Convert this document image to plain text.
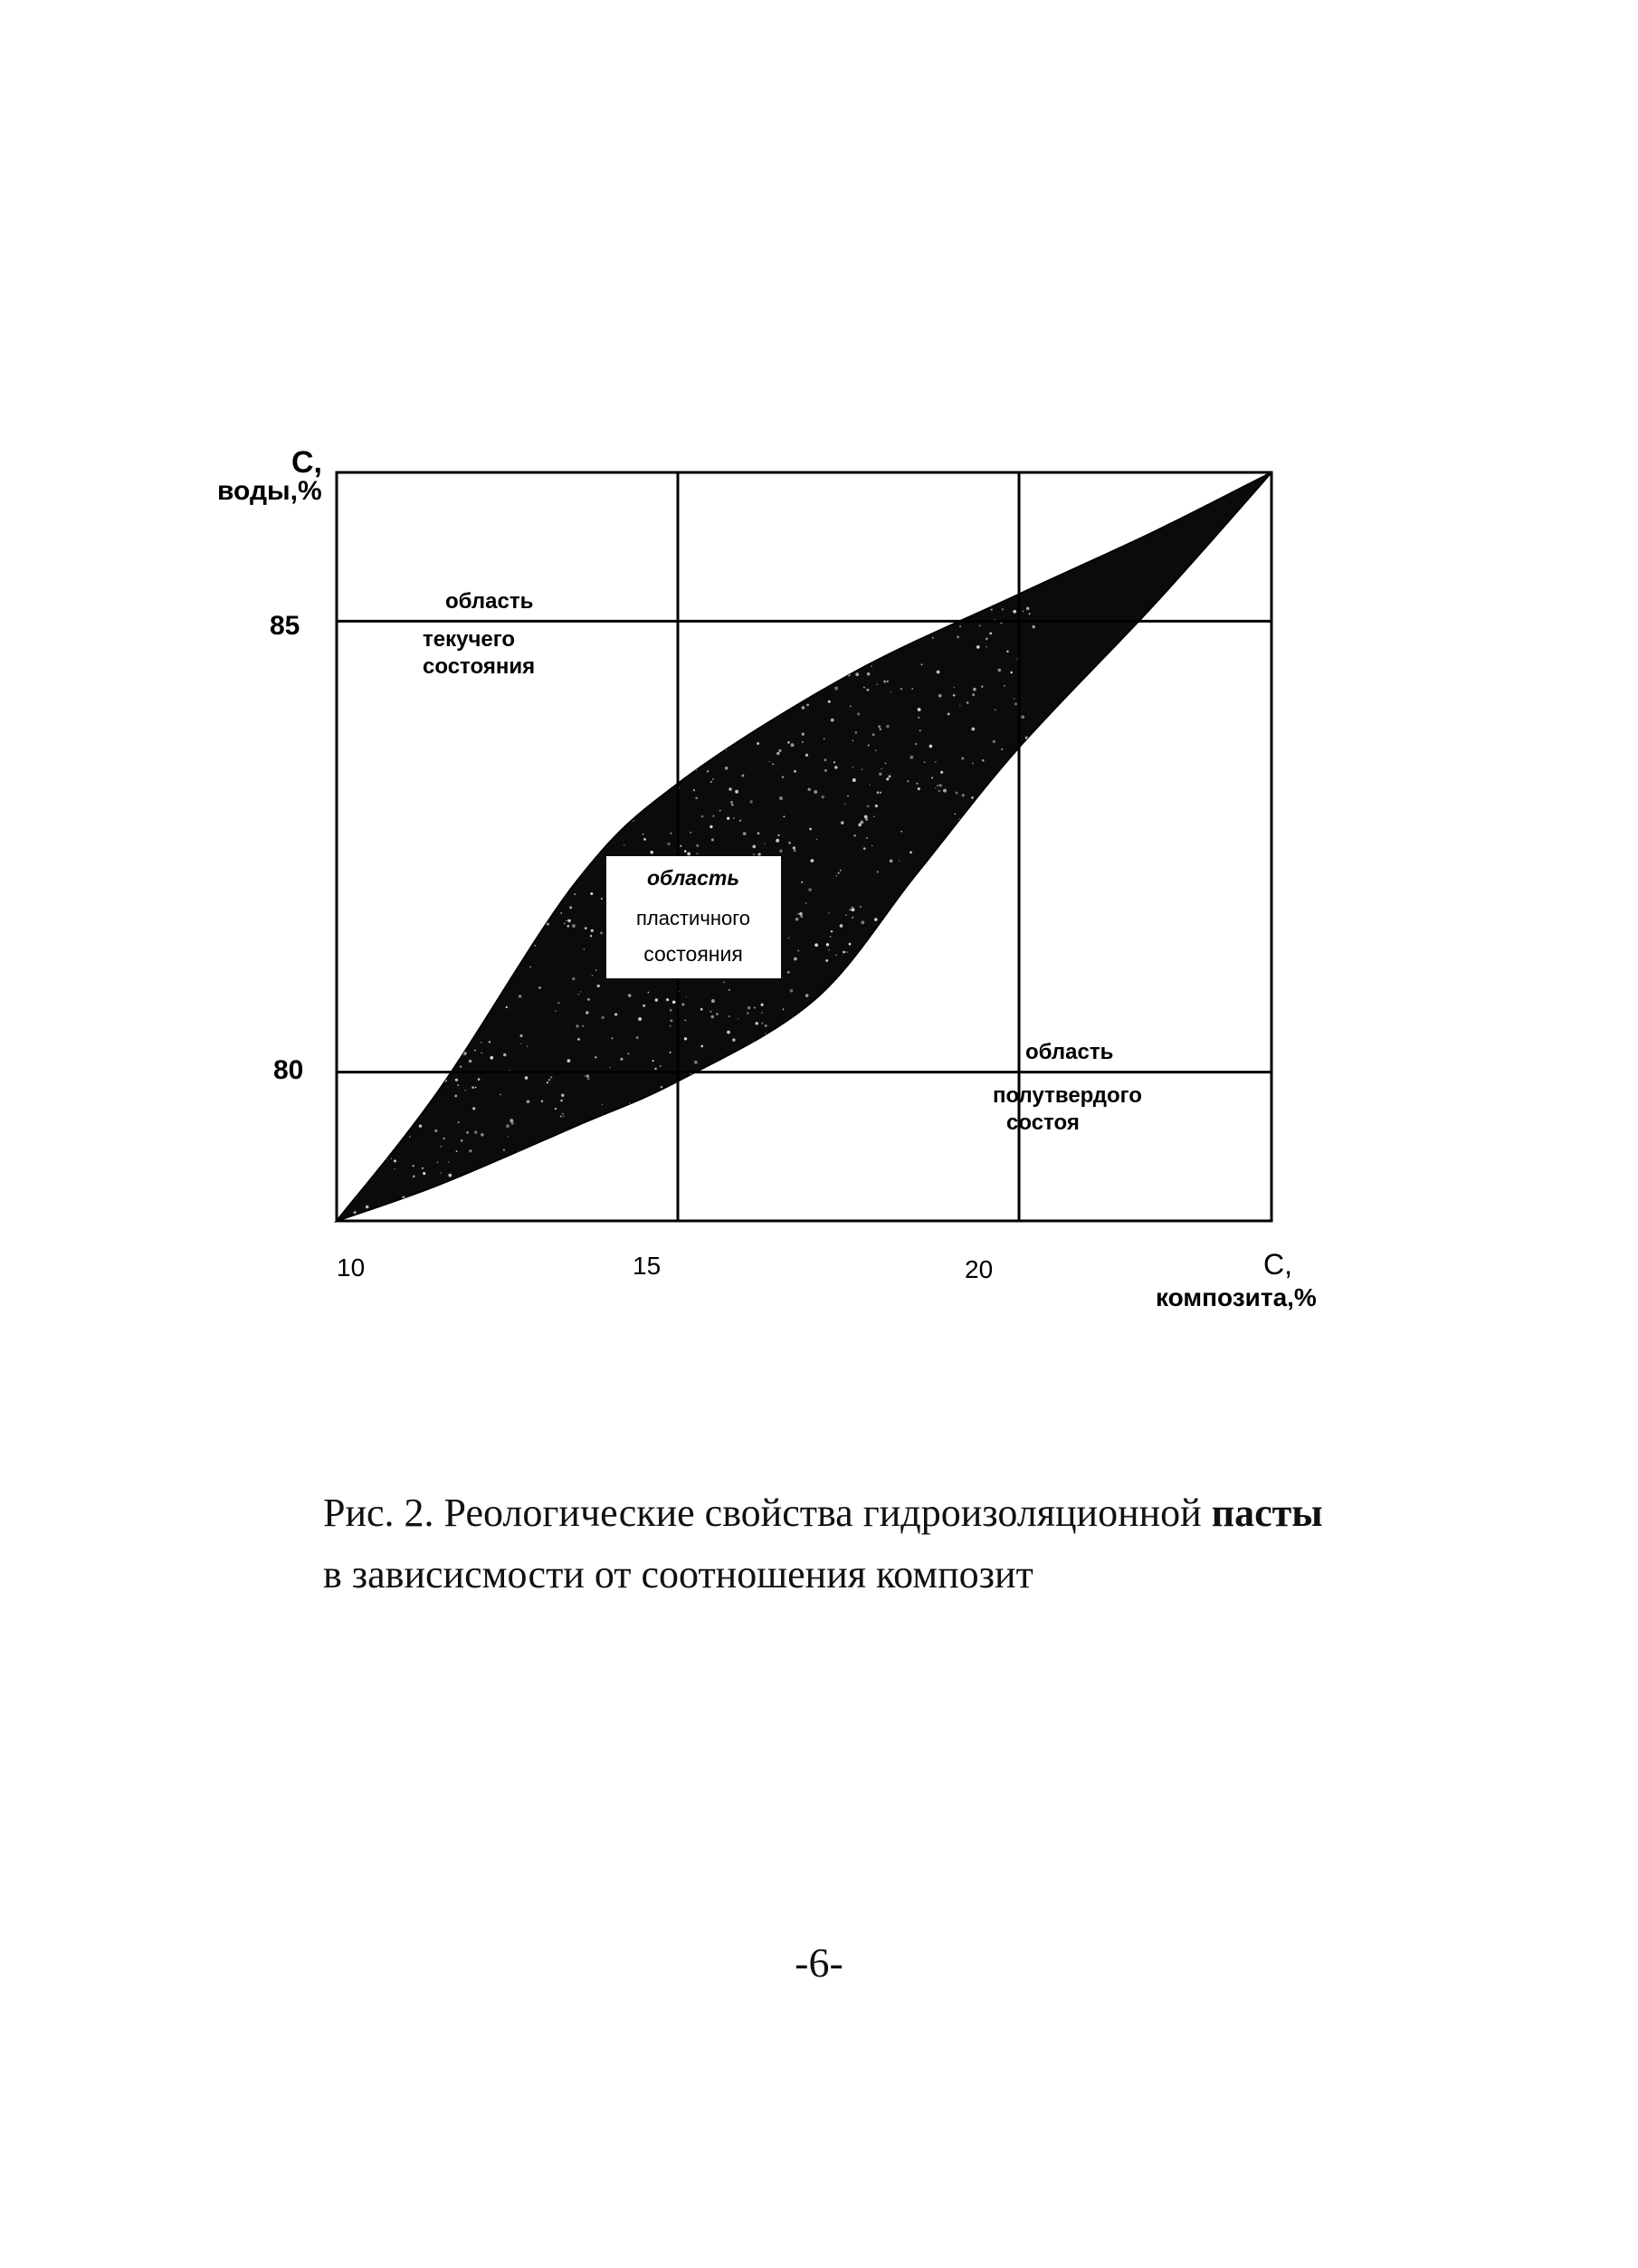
С,
воды,%
85
80
10	15	20	С,
композита,%
область
текучего
состояния
область
пластичного
состояния
область
полутвердого
состоя
Рис. 2. Реологические свойства гидроизоляционной пасты
в зависисмости от соотношения композит
-6-
